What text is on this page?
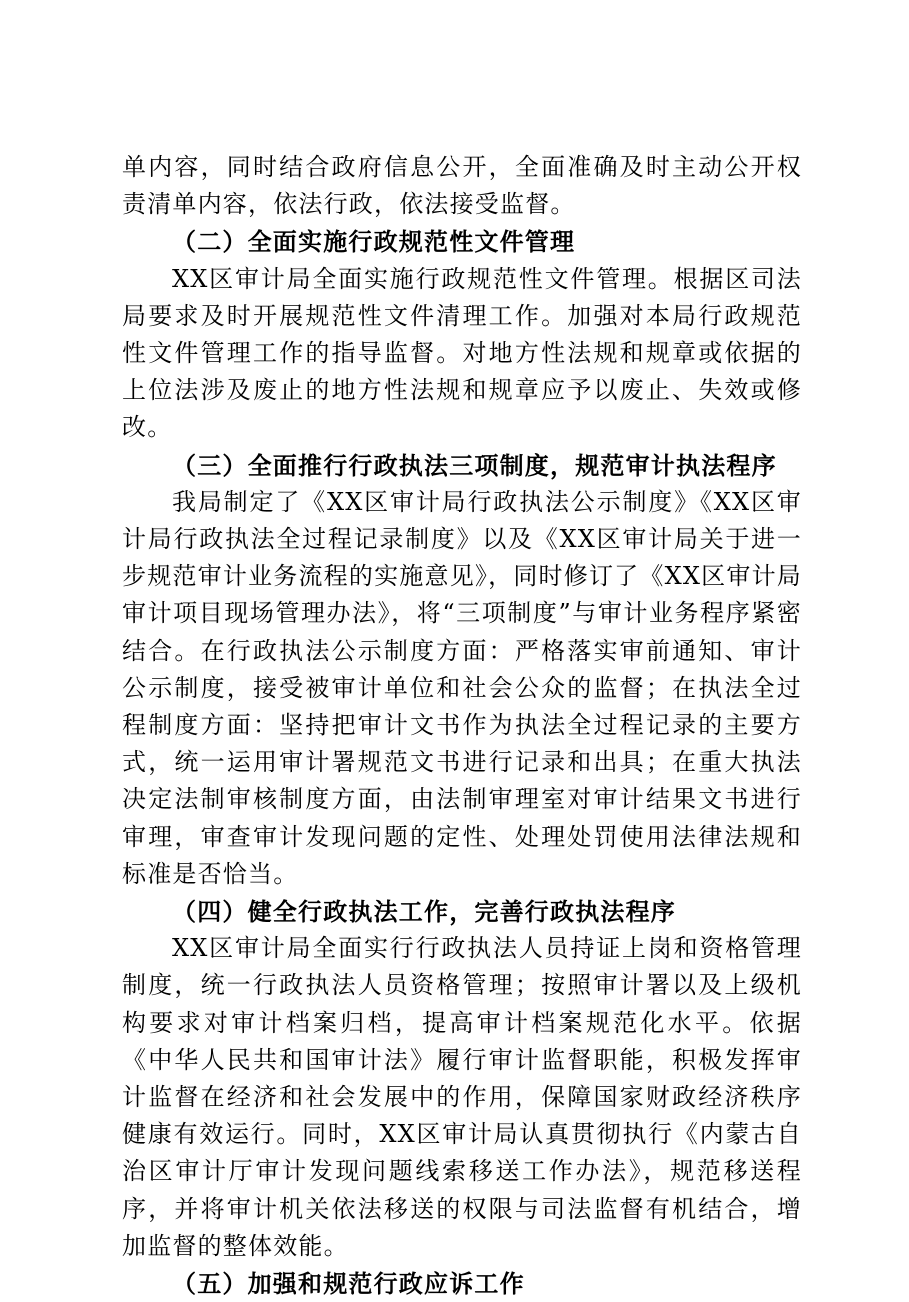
单内容，同时结合政府信息公开，全面准确及时主动公开权责清单内容，依法行政，依法接受监督。

（二）全面实施行政规范性文件管理

XX区审计局全面实施行政规范性文件管理。根据区司法局要求及时开展规范性文件清理工作。加强对本局行政规范性文件管理工作的指导监督。对地方性法规和规章或依据的上位法涉及废止的地方性法规和规章应予以废止、失效或修改。

（三）全面推行行政执法三项制度，规范审计执法程序

我局制定了《XX区审计局行政执法公示制度》《XX区审计局行政执法全过程记录制度》以及《XX区审计局关于进一步规范审计业务流程的实施意见》，同时修订了《XX区审计局审计项目现场管理办法》，将“三项制度”与审计业务程序紧密结合。在行政执法公示制度方面：严格落实审前通知、审计公示制度，接受被审计单位和社会公众的监督；在执法全过程制度方面：坚持把审计文书作为执法全过程记录的主要方式，统一运用审计署规范文书进行记录和出具；在重大执法决定法制审核制度方面，由法制审理室对审计结果文书进行审理，审查审计发现问题的定性、处理处罚使用法律法规和标准是否恰当。

（四）健全行政执法工作，完善行政执法程序

XX区审计局全面实行行政执法人员持证上岗和资格管理制度，统一行政执法人员资格管理；按照审计署以及上级机构要求对审计档案归档，提高审计档案规范化水平。依据《中华人民共和国审计法》履行审计监督职能，积极发挥审计监督在经济和社会发展中的作用，保障国家财政经济秩序健康有效运行。同时，XX区审计局认真贯彻执行《内蒙古自治区审计厅审计发现问题线索移送工作办法》，规范移送程序，并将审计机关依法移送的权限与司法监督有机结合，增加监督的整体效能。

（五）加强和规范行政应诉工作
